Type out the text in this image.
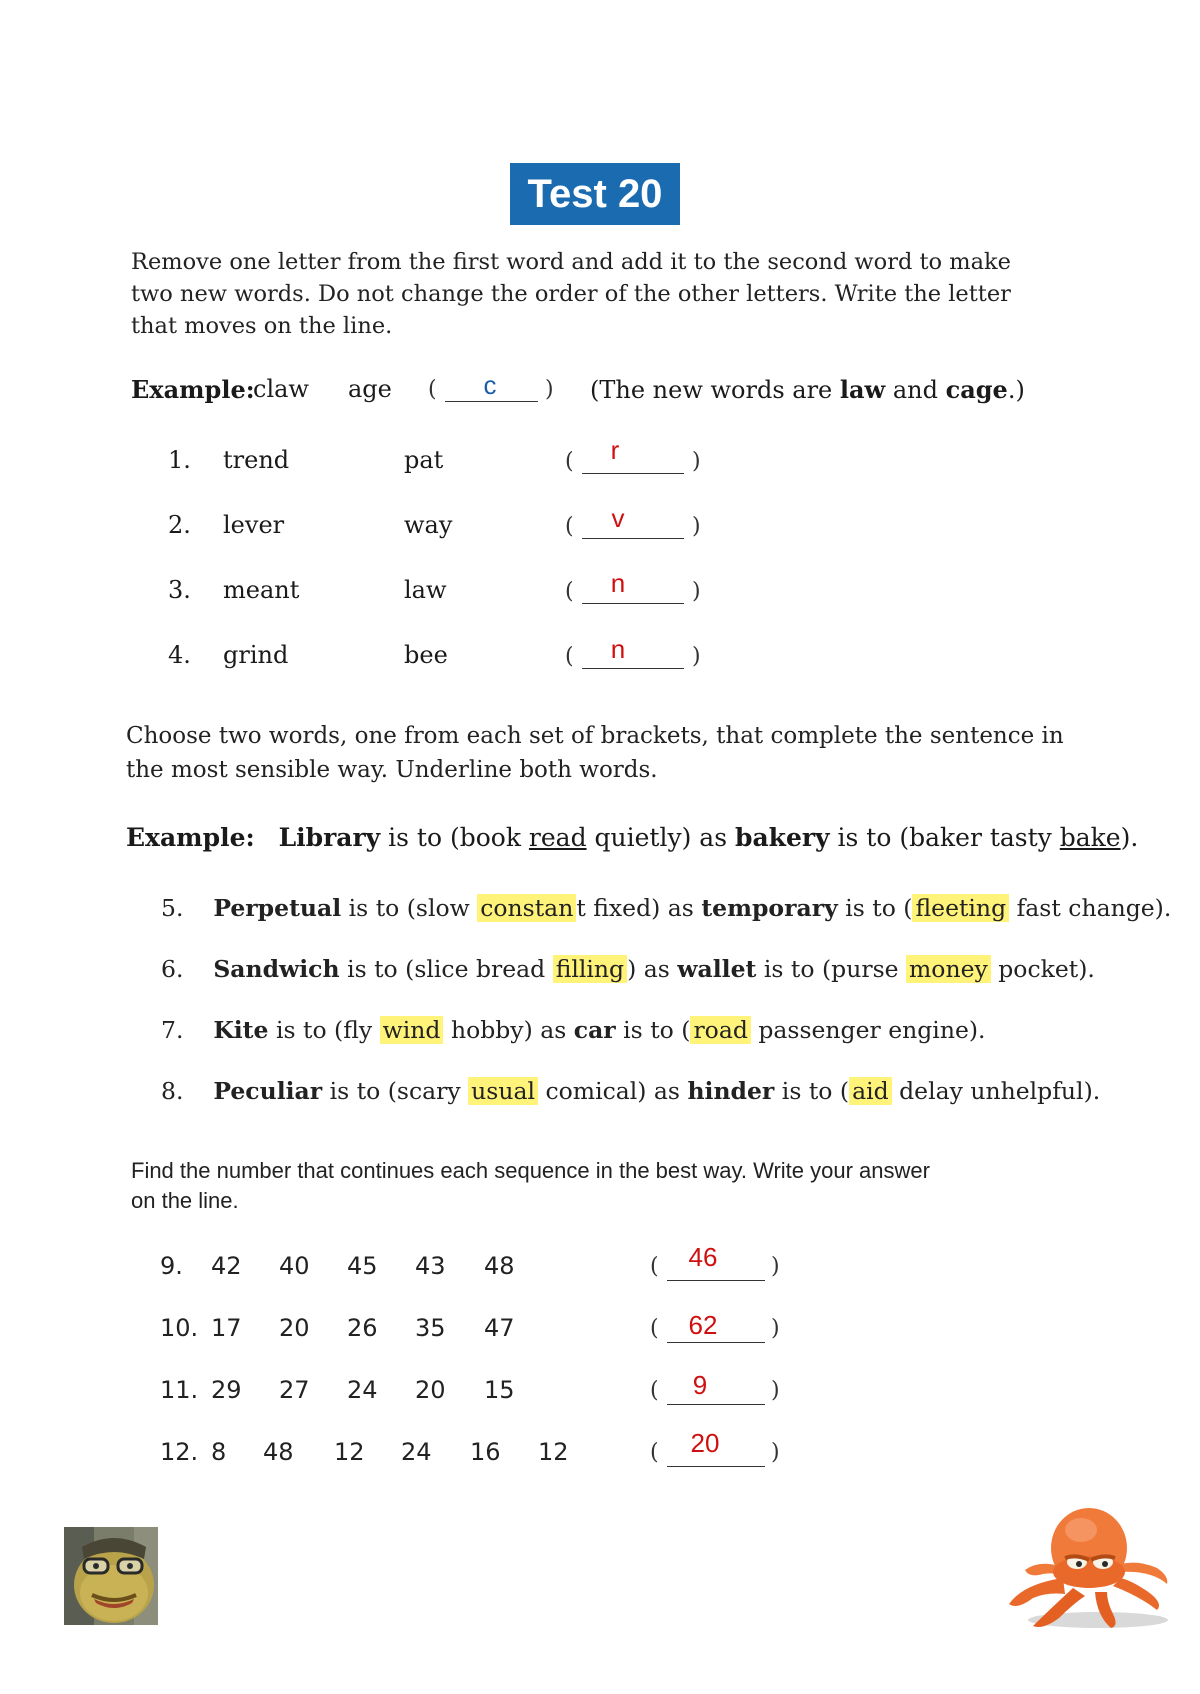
Test 20
Remove one letter from the first word and add it to the second word to make
two new words. Do not change the order of the other letters. Write the letter
that moves on the line.
Example:
claw age (	c	) (The new words are law and cage.)
1. trend	pat	(	r	)
2. lever	way	(	v	)
3. meant	law	(	n	)
4. grind	bee	(	n	)
Choose two words, one from each set of brackets, that complete the sentence in
the most sensible way. Underline both words.
Example: Library is to (book read quietly) as bakery is to (baker tasty bake).
5. Perpetual is to (slow constan t fixed) as temporary is to ( fleeting fast change).
6. Sandwich is to (slice bread filling ) as wallet is to (purse money pocket).
7. Kite is to (fly wind hobby) as car is to ( road passenger engine).
8. Peculiar is to (scary usual comical) as hinder is to ( aid delay unhelpful).
Find the number that continues each sequence in the best way. Write your answer
on the line.
9. 42 40 45 43 48	(	46	)
10. 17 20 26 35 47	(	62	)
11. 29 27 24 20 15	(	9	)
12. 8 48 12 24 16 12	(	20	)
